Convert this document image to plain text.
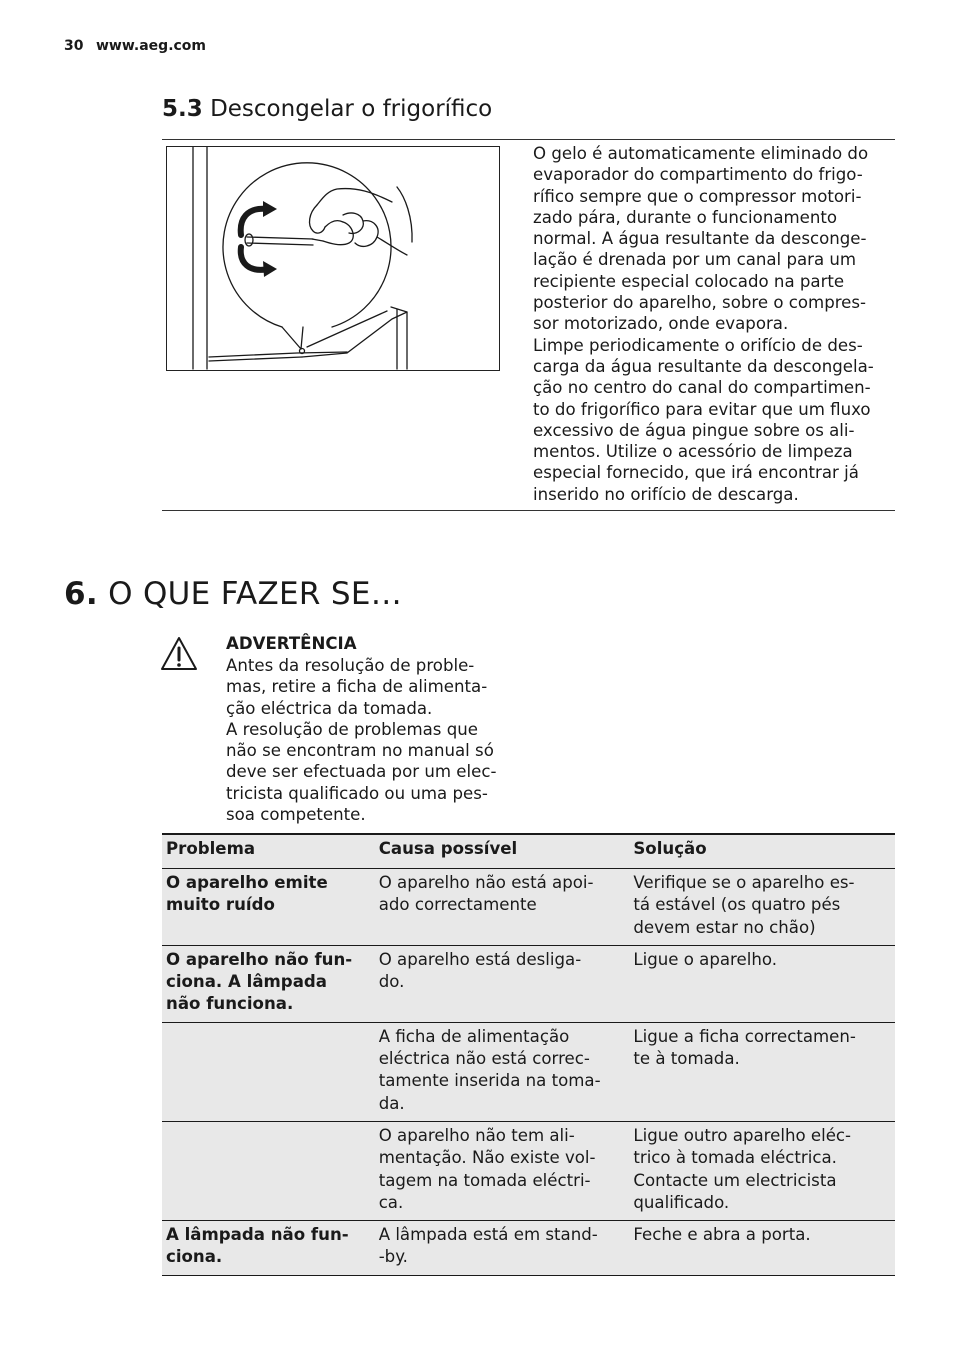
30 www.aeg.com
5.3 Descongelar o frigorífico

O gelo é automaticamente eliminado do
evaporador do compartimento do frigo-
rífico sempre que o compressor motori-
zado pára, durante o funcionamento
normal. A água resultante da desconge-
lação é drenada por um canal para um
recipiente especial colocado na parte
posterior do aparelho, sobre o compres-
sor motorizado, onde evapora.

Limpe periodicamente o orifício de des-
carga da água resultante da descongela-
ção no centro do canal do compartimen-
to do frigorífico para evitar que um fluxo
excessivo de água pingue sobre os ali-
mentos. Utilize o acessório de limpeza
especial fornecido, que irá encontrar já
inserido no orifício de descarga.

6. O QUE FAZER SE…
ADVERTÊNCIA

Antes da resolução de proble-
mas, retire a ficha de alimenta-
ção eléctrica da tomada.

A resolução de problemas que
não se encontram no manual só
deve ser efectuada por um elec-
tricista qualificado ou uma pes-
soa competente.

Problema	Causa possível	Solução
O aparelho emite
muito ruído	O aparelho não está apoi-
ado correctamente	Verifique se o aparelho es-
tá estável (os quatro pés
devem estar no chão)
O aparelho não fun-
ciona. A lâmpada
não funciona.	O aparelho está desliga-
do.	Ligue o aparelho.
	A ficha de alimentação
eléctrica não está correc-
tamente inserida na toma-
da.	Ligue a ficha correctamen-
te à tomada.
	O aparelho não tem ali-
mentação. Não existe vol-
tagem na tomada eléctri-
ca.	Ligue outro aparelho eléc-
trico à tomada eléctrica.
Contacte um electricista
qualificado.
A lâmpada não fun-
ciona.	A lâmpada está em stand-
-by.	Feche e abra a porta.
